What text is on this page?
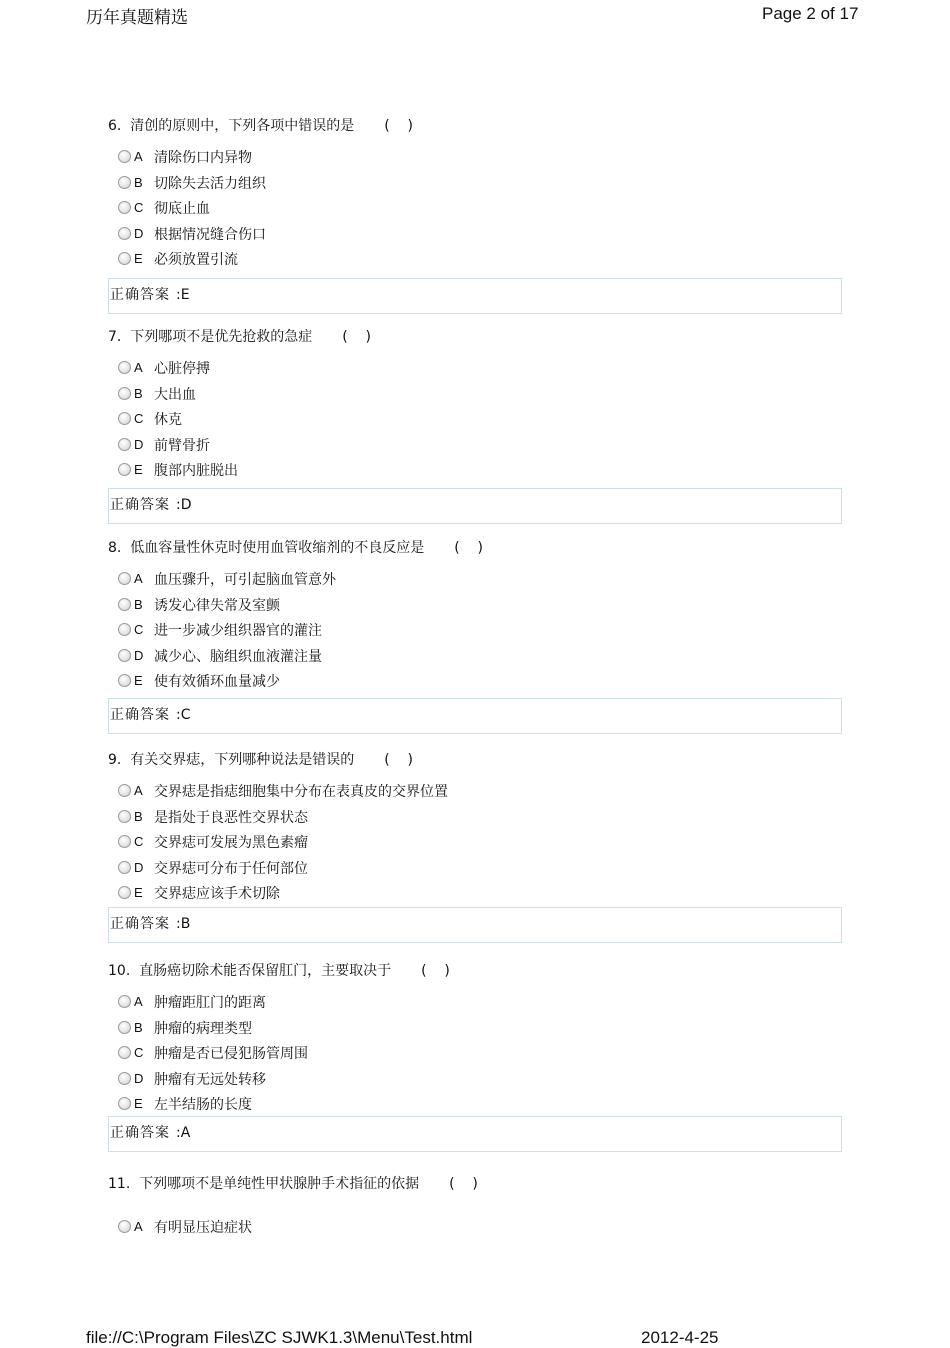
历年真题精选	Page 2 of 17
6. 清创的原则中，下列各项中错误的是 (    )
A 清除伤口内异物
B 切除失去活力组织
C 彻底止血
D 根据情况缝合伤口
E 必须放置引流
正确答案 :E
7. 下列哪项不是优先抢救的急症 (    )
A 心脏停搏
B 大出血
C 休克
D 前臂骨折
E 腹部内脏脱出
正确答案 :D
8. 低血容量性休克时使用血管收缩剂的不良反应是 (    )
A 血压骤升，可引起脑血管意外
B 诱发心律失常及室颤
C 进一步减少组织器官的灌注
D 减少心、脑组织血液灌注量
E 使有效循环血量减少
正确答案 :C
9. 有关交界痣，下列哪种说法是错误的 (    )
A 交界痣是指痣细胞集中分布在表真皮的交界位置
B 是指处于良恶性交界状态
C 交界痣可发展为黑色素瘤
D 交界痣可分布于任何部位
E 交界痣应该手术切除
正确答案 :B
10. 直肠癌切除术能否保留肛门，主要取决于 (    )
A 肿瘤距肛门的距离
B 肿瘤的病理类型
C 肿瘤是否已侵犯肠管周围
D 肿瘤有无远处转移
E 左半结肠的长度
正确答案 :A
11. 下列哪项不是单纯性甲状腺肿手术指征的依据 (    )
A 有明显压迫症状
file://C:\Program Files\ZC SJWK1.3\Menu\Test.html	2012-4-25
